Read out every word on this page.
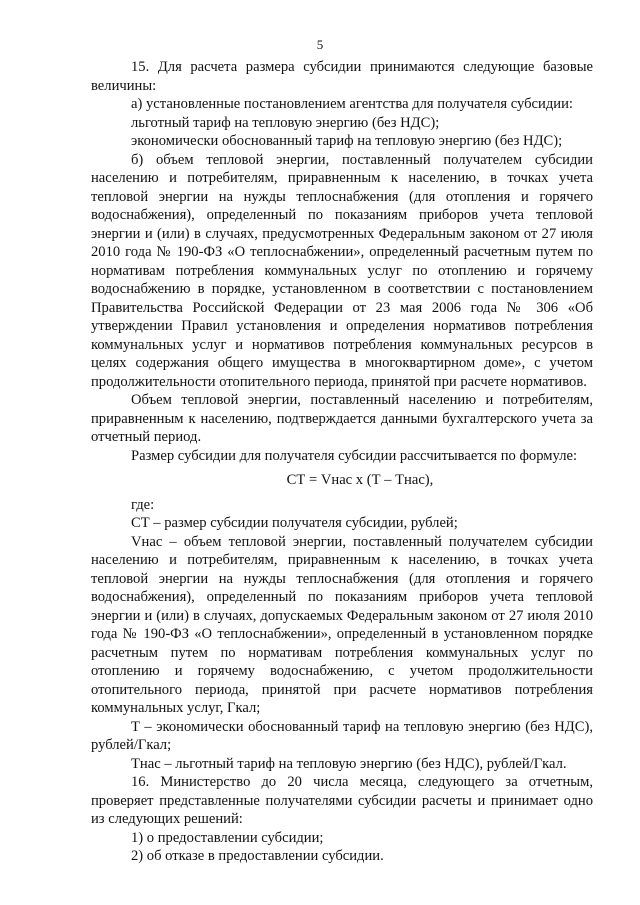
5

15. Для расчета размера субсидии принимаются следующие базовые величины:

а) установленные постановлением агентства для получателя субсидии:

льготный тариф на тепловую энергию (без НДС);

экономически обоснованный тариф на тепловую энергию (без НДС);

б) объем тепловой энергии, поставленный получателем субсидии населению и потребителям, приравненным к населению, в точках учета тепловой энергии на нужды теплоснабжения (для отопления и горячего водоснабжения), определенный по показаниям приборов учета тепловой энергии и (или) в случаях, предусмотренных Федеральным законом от 27 июля 2010 года № 190-ФЗ «О теплоснабжении», определенный расчетным путем по нормативам потребления коммунальных услуг по отоплению и горячему водоснабжению в порядке, установленном в соответствии с постановлением Правительства Российской Федерации от 23 мая 2006 года № 306 «Об утверждении Правил установления и определения нормативов потребления коммунальных услуг и нормативов потребления коммунальных ресурсов в целях содержания общего имущества в многоквартирном доме», с учетом продолжительности отопительного периода, принятой при расчете нормативов.

Объем тепловой энергии, поставленный населению и потребителям, приравненным к населению, подтверждается данными бухгалтерского учета за отчетный период.

Размер субсидии для получателя субсидии рассчитывается по формуле:

СТ = Vнас x (Т – Тнас),

где:

СТ – размер субсидии получателя субсидии, рублей;

Vнас – объем тепловой энергии, поставленный получателем субсидии населению и потребителям, приравненным к населению, в точках учета тепловой энергии на нужды теплоснабжения (для отопления и горячего водоснабжения), определенный по показаниям приборов учета тепловой энергии и (или) в случаях, допускаемых Федеральным законом от 27 июля 2010 года № 190-ФЗ «О теплоснабжении», определенный в установленном порядке расчетным путем по нормативам потребления коммунальных услуг по отоплению и горячему водоснабжению, с учетом продолжительности отопительного периода, принятой при расчете нормативов потребления коммунальных услуг, Гкал;

Т – экономически обоснованный тариф на тепловую энергию (без НДС), рублей/Гкал;

Тнас – льготный тариф на тепловую энергию (без НДС), рублей/Гкал.

16. Министерство до 20 числа месяца, следующего за отчетным, проверяет представленные получателями субсидии расчеты и принимает одно из следующих решений:

1) о предоставлении субсидии;

2) об отказе в предоставлении субсидии.
